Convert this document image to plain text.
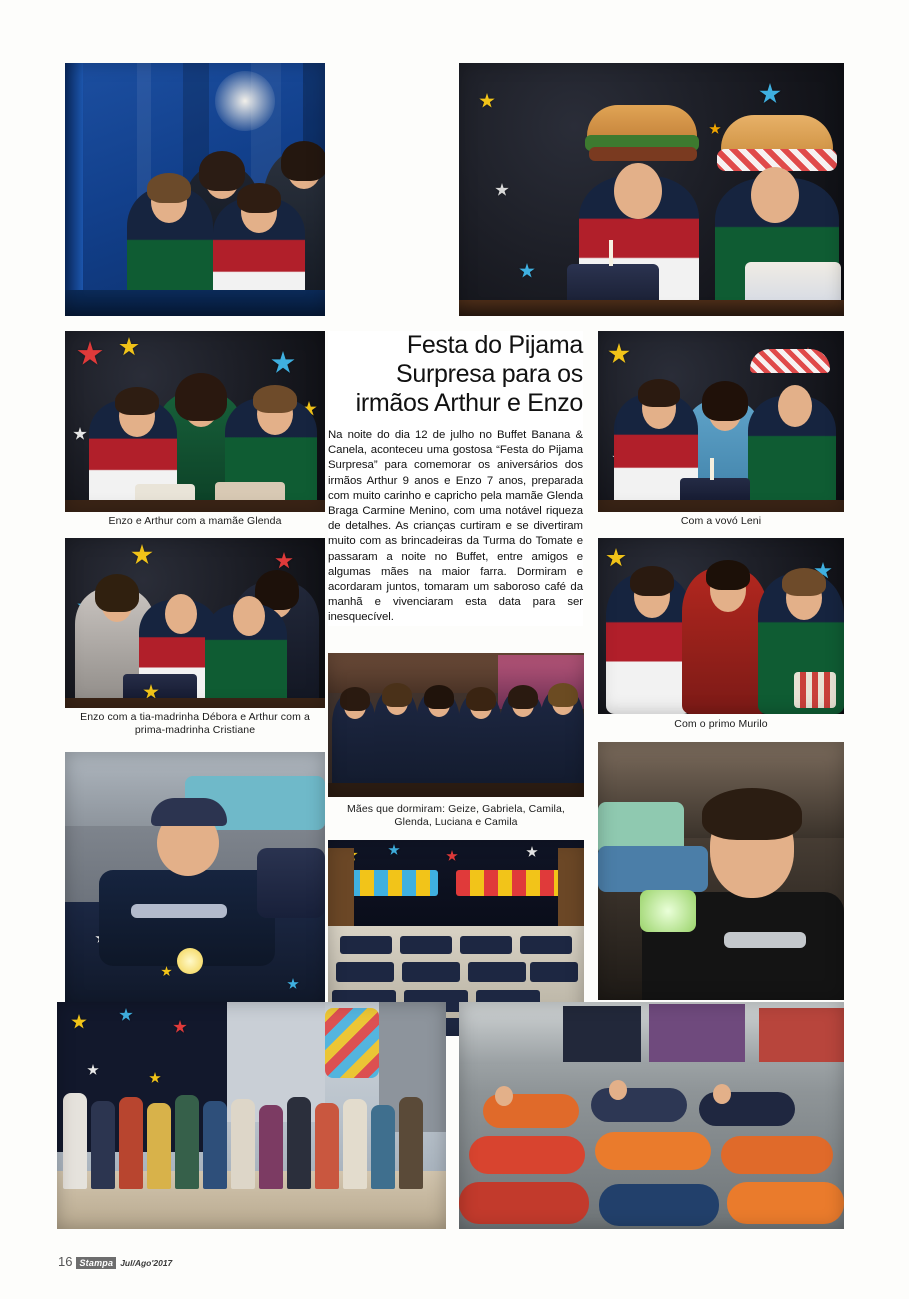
Enzo e Arthur com a mamãe Glenda	Com a vovó Leni
Enzo com a tia-madrinha Débora e Arthur com a prima-madrinha Cristiane	Com o primo Murilo
Mães que dormiram: Geize, Gabriela, Camila, Glenda, Luciana e Camila
Festa do Pijama Surpresa para os irmãos Arthur e Enzo

Na noite do dia 12 de julho no Buffet Banana & Canela, aconteceu uma gostosa “Festa do Pijama Surpresa” para comemorar os aniversários dos irmãos Arthur 9 anos e Enzo 7 anos, preparada com muito carinho e capricho pela mamãe Glenda Braga Carmine Menino, com uma notável riqueza de detalhes. As crianças curtiram e se divertiram muito com as brincadeiras da Turma do Tomate e passaram a noite no Buffet, entre amigos e algumas mães na maior farra. Dormiram e acordaram juntos, tomaram um saboroso café da manhã e vivenciaram esta data para ser inesquecível.

16 Stampa Jul/Ago'2017
